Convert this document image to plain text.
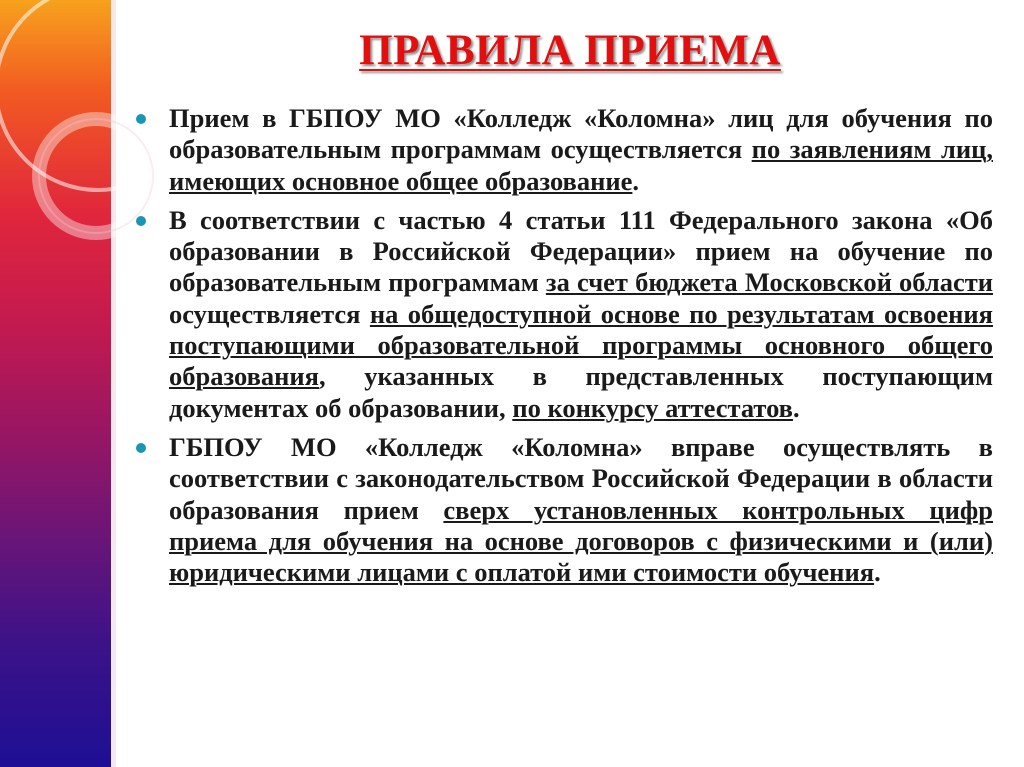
ПРАВИЛА ПРИЕМА

Прием в ГБПОУ МО «Колледж «Коломна» лиц для обучения по образовательным программам осуществляется по заявлениям лиц, имеющих основное общее образование.

В соответствии с частью 4 статьи 111 Федерального закона «Об образовании в Российской Федерации» прием на обучение по образовательным программам за счет бюджета Московской области осуществляется на общедоступной основе по результатам освоения поступающими образовательной программы основного общего образования, указанных в представленных поступающим документах об образовании, по конкурсу аттестатов.

ГБПОУ МО «Колледж «Коломна» вправе осуществлять в соответствии с законодательством Российской Федерации в области образования прием сверх установленных контрольных цифр приема для обучения на основе договоров с физическими и (или) юридическими лицами с оплатой ими стоимости обучения.
